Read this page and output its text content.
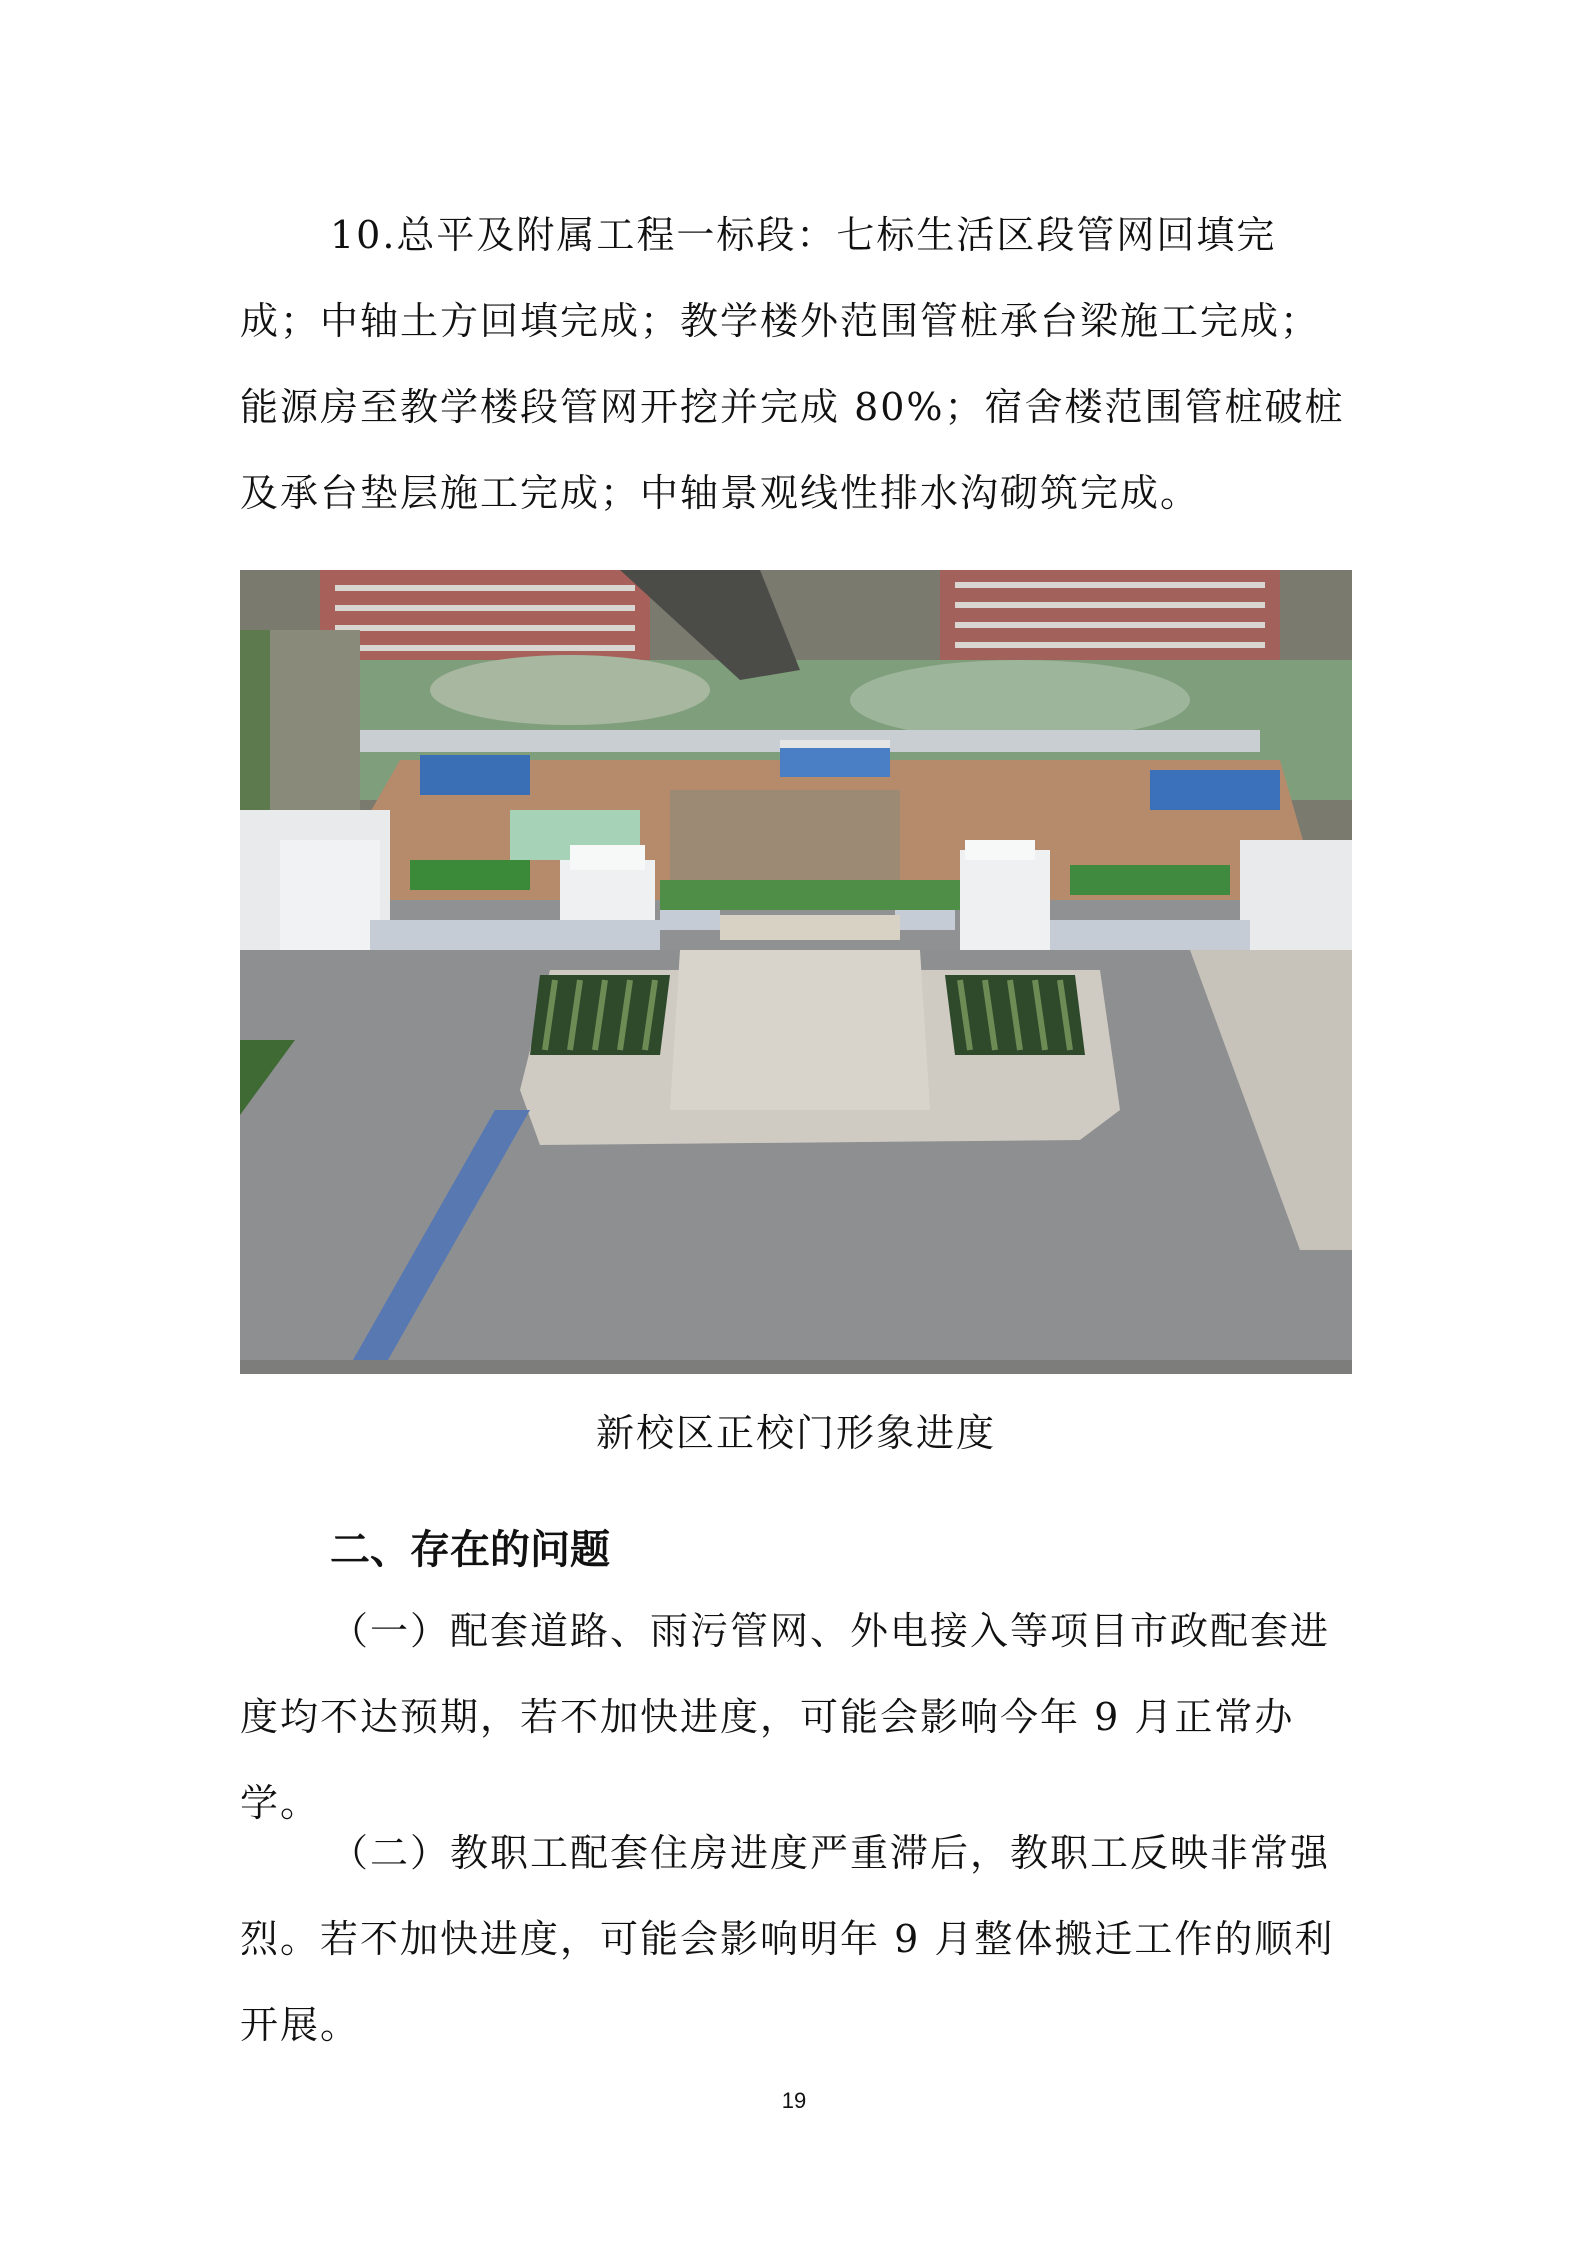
10.总平及附属工程一标段：七标生活区段管网回填完成；中轴土方回填完成；教学楼外范围管桩承台梁施工完成；能源房至教学楼段管网开挖并完成 80%；宿舍楼范围管桩破桩及承台垫层施工完成；中轴景观线性排水沟砌筑完成。

新校区正校门形象进度
二、存在的问题

（一）配套道路、雨污管网、外电接入等项目市政配套进度均不达预期，若不加快进度，可能会影响今年 9 月正常办学。

（二）教职工配套住房进度严重滞后，教职工反映非常强烈。若不加快进度，可能会影响明年 9 月整体搬迁工作的顺利开展。

19
